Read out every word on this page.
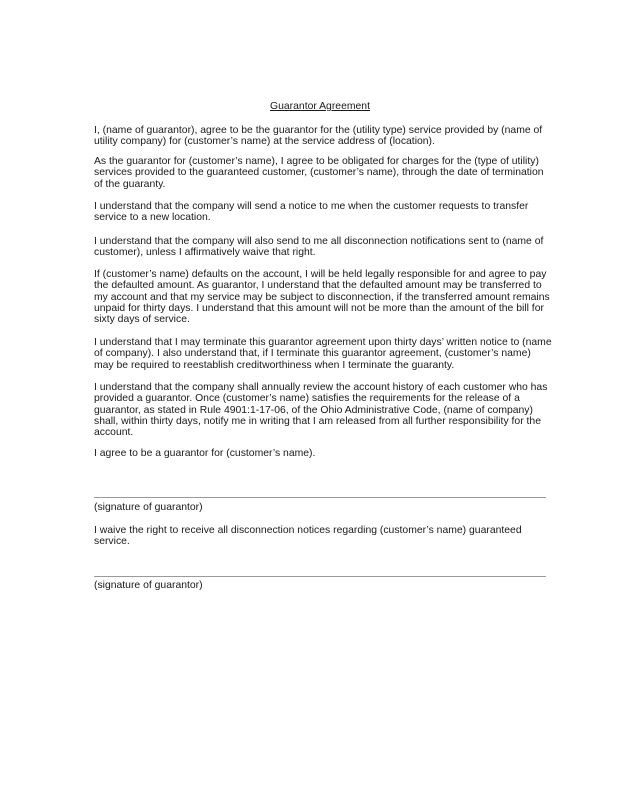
Guarantor Agreement

I, (name of guarantor), agree to be the guarantor for the (utility type) service provided by (name of utility company) for (customer’s name) at the service address of (location).

As the guarantor for (customer’s name), I agree to be obligated for charges for the (type of utility) services provided to the guaranteed customer, (customer’s name), through the date of termination of the guaranty.

I understand that the company will send a notice to me when the customer requests to transfer service to a new location.

I understand that the company will also send to me all disconnection notifications sent to (name of customer), unless I affirmatively waive that right.

If (customer’s name) defaults on the account, I will be held legally responsible for and agree to pay the defaulted amount. As guarantor, I understand that the defaulted amount may be transferred to my account and that my service may be subject to disconnection, if the transferred amount remains unpaid for thirty days. I understand that this amount will not be more than the amount of the bill for sixty days of service.

I understand that I may terminate this guarantor agreement upon thirty days’ written notice to (name of company). I also understand that, if I terminate this guarantor agreement, (customer’s name) may be required to reestablish creditworthiness when I terminate the guaranty.

I understand that the company shall annually review the account history of each customer who has provided a guarantor. Once (customer’s name) satisfies the requirements for the release of a guarantor, as stated in Rule 4901:1-17-06, of the Ohio Administrative Code, (name of company) shall, within thirty days, notify me in writing that I am released from all further responsibility for the account.

I agree to be a guarantor for (customer’s name).

(signature of guarantor)

I waive the right to receive all disconnection notices regarding (customer’s name) guaranteed service.

(signature of guarantor)
